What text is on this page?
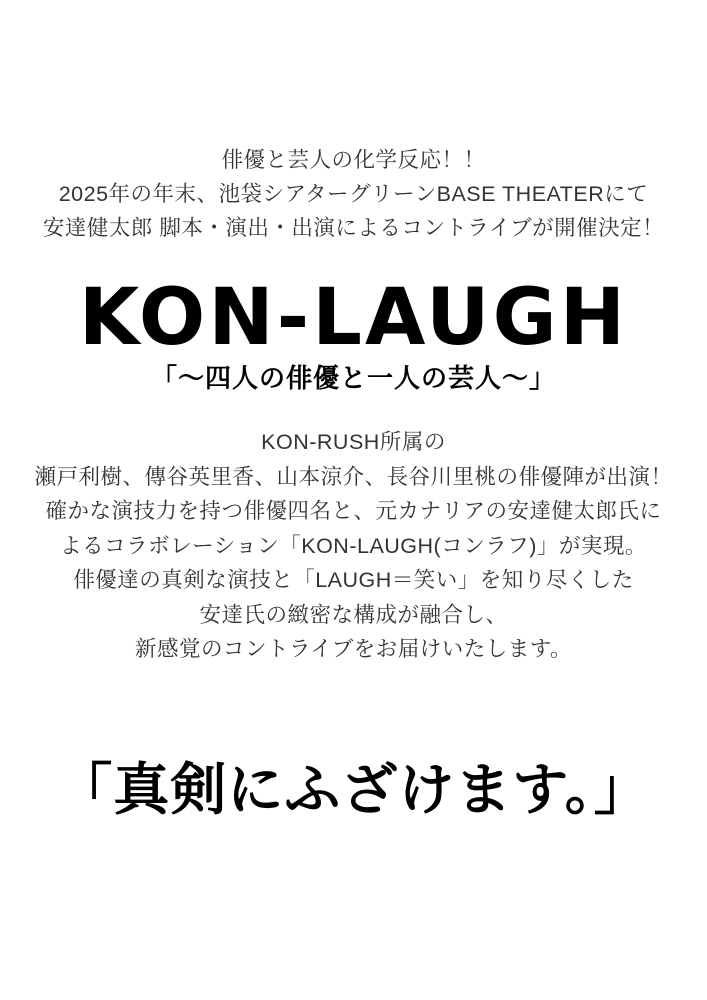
俳優と芸人の化学反応！！
2025年の年末、池袋シアターグリーンBASE THEATERにて
安達健太郎 脚本・演出・出演によるコントライブが開催決定！
KON-LAUGH
「〜四人の俳優と一人の芸人〜」
KON-RUSH所属の
瀬戸利樹、傳谷英里香、山本涼介、長谷川里桃の俳優陣が出演！
確かな演技力を持つ俳優四名と、元カナリアの安達健太郎氏に
よるコラボレーション「KON-LAUGH(コンラフ)」が実現。
俳優達の真剣な演技と「LAUGH＝笑い」を知り尽くした
安達氏の緻密な構成が融合し、
新感覚のコントライブをお届けいたします。
「真剣にふざけます。」
